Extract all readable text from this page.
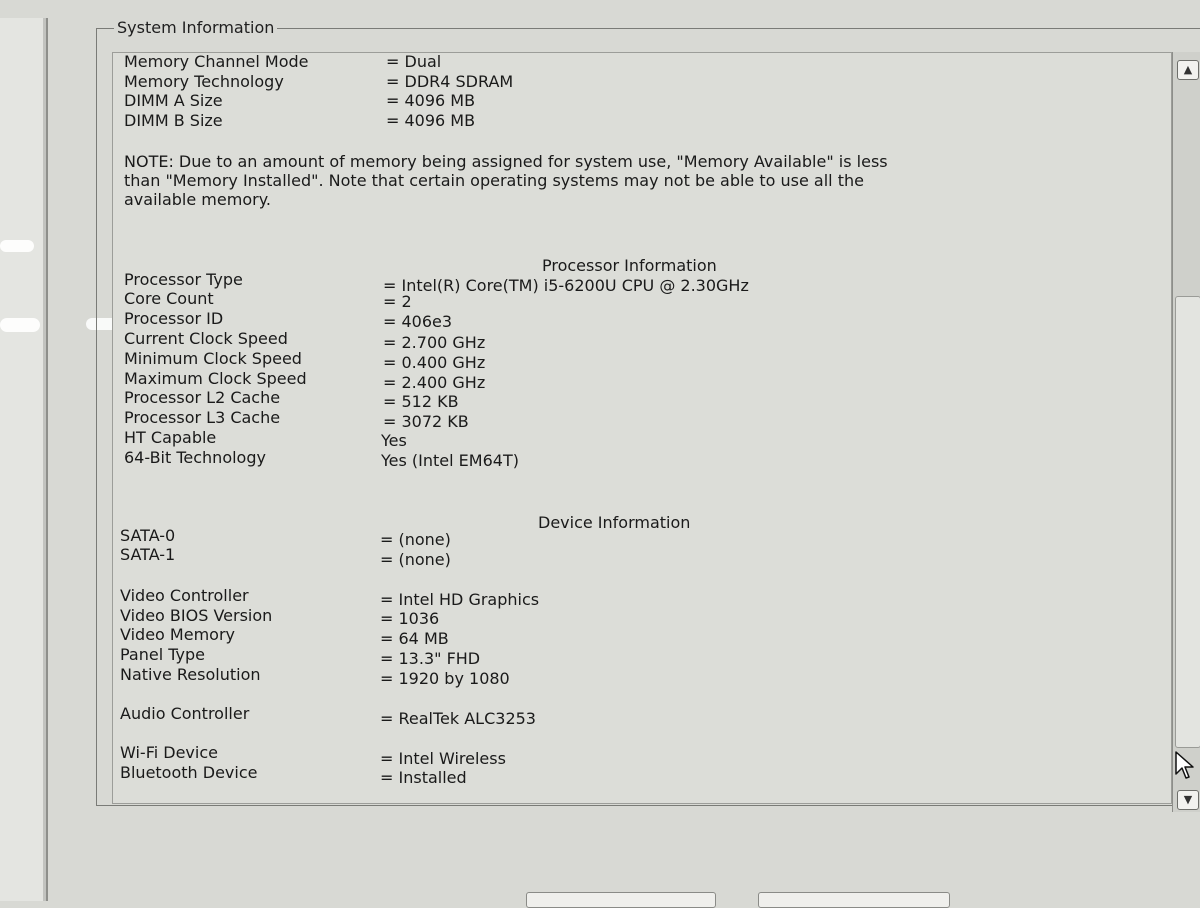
System Information
Memory Channel Mode	= Dual
Memory Technology	= DDR4 SDRAM
DIMM A Size	= 4096 MB
DIMM B Size	= 4096 MB
NOTE: Due to an amount of memory being assigned for system use, "Memory Available" is less
than "Memory Installed". Note that certain operating systems may not be able to use all the
available memory.
Processor Information
Processor Type	= Intel(R) Core(TM) i5-6200U CPU @ 2.30GHz
Core Count	= 2
Processor ID	= 406e3
Current Clock Speed	= 2.700 GHz
Minimum Clock Speed	= 0.400 GHz
Maximum Clock Speed	= 2.400 GHz
Processor L2 Cache	= 512 KB
Processor L3 Cache	= 3072 KB
HT Capable	Yes
64-Bit Technology	Yes (Intel EM64T)
Device Information
SATA-0	= (none)
SATA-1	= (none)
Video Controller	= Intel HD Graphics
Video BIOS Version	= 1036
Video Memory	= 64 MB
Panel Type	= 13.3" FHD
Native Resolution	= 1920 by 1080
Audio Controller	= RealTek ALC3253
Wi-Fi Device	= Intel Wireless
Bluetooth Device	= Installed
▲
▼
